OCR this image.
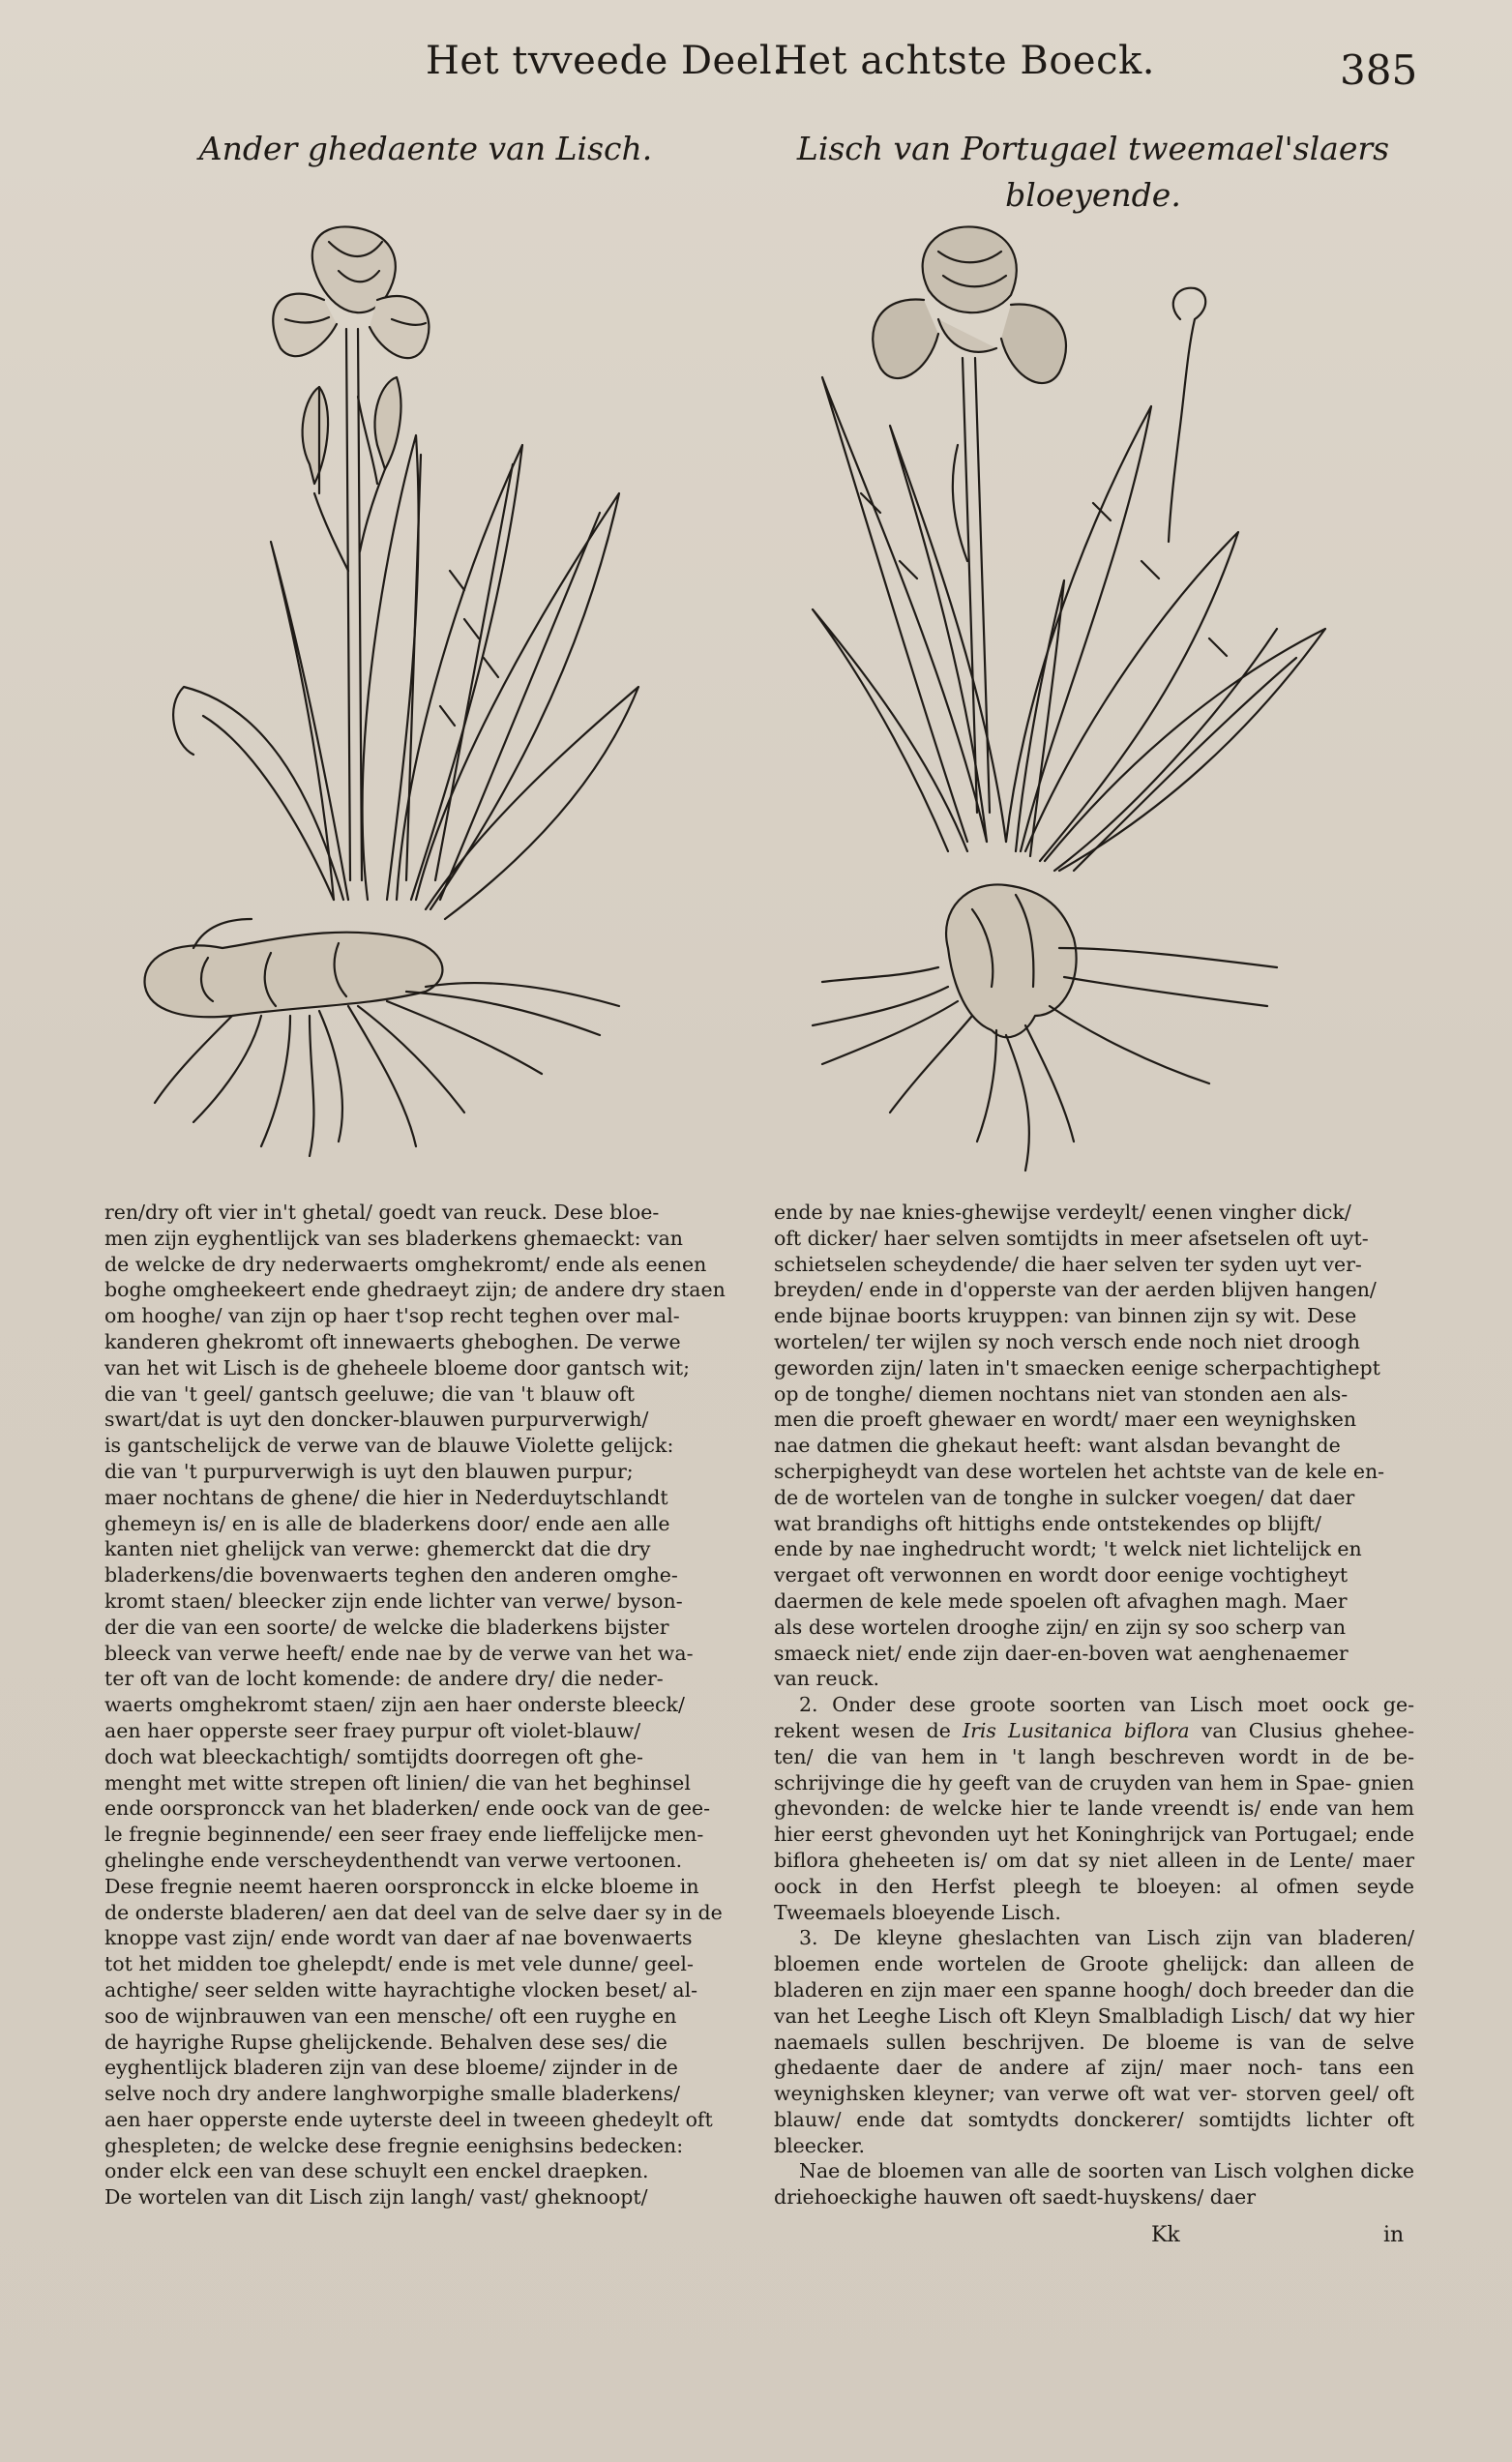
Het tvveede Deel.
Het achtste Boeck.	385
Ander ghedaente van Lisch.	Lisch van Portugael tweemael'slaers bloeyende.

ren/dry oft vier in't ghetal/ goedt van reuck. Dese bloe-

men zijn eyghentlijck van ses bladerkens ghemaeckt: van

de welcke de dry nederwaerts omghekromt/ ende als eenen

boghe omgheekeert ende ghedraeyt zijn; de andere dry staen

om hooghe/ van zijn op haer t'sop recht teghen over mal-

kanderen ghekromt oft innewaerts gheboghen. De verwe

van het wit Lisch is de gheheele bloeme door gantsch wit;

die van 't geel/ gantsch geeluwe; die van 't blauw oft

swart/dat is uyt den doncker-blauwen purpurverwigh/

is gantschelijck de verwe van de blauwe Violette gelijck:

die van 't purpurverwigh is uyt den blauwen purpur;

maer nochtans de ghene/ die hier in Nederduytschlandt

ghemeyn is/ en is alle de bladerkens door/ ende aen alle

kanten niet ghelijck van verwe: ghemerckt dat die dry

bladerkens/die bovenwaerts teghen den anderen omghe-

kromt staen/ bleecker zijn ende lichter van verwe/ byson-

der die van een soorte/ de welcke die bladerkens bijster

bleeck van verwe heeft/ ende nae by de verwe van het wa-

ter oft van de locht komende: de andere dry/ die neder-

waerts omghekromt staen/ zijn aen haer onderste bleeck/

aen haer opperste seer fraey purpur oft violet-blauw/

doch wat bleeckachtigh/ somtijdts doorregen oft ghe-

menght met witte strepen oft linien/ die van het beghinsel

ende oorsproncck van het bladerken/ ende oock van de gee-

le fregnie beginnende/ een seer fraey ende lieffelijcke men-

ghelinghe ende verscheydenthendt van verwe vertoonen.

Dese fregnie neemt haeren oorsproncck in elcke bloeme in

de onderste bladeren/ aen dat deel van de selve daer sy in de

knoppe vast zijn/ ende wordt van daer af nae bovenwaerts

tot het midden toe ghelepdt/ ende is met vele dunne/ geel-

achtighe/ seer selden witte hayrachtighe vlocken beset/ al-

soo de wijnbrauwen van een mensche/ oft een ruyghe en

de hayrighe Rupse ghelijckende. Behalven dese ses/ die

eyghentlijck bladeren zijn van dese bloeme/ zijnder in de

selve noch dry andere langhworpighe smalle bladerkens/

aen haer opperste ende uyterste deel in tweeen ghedeylt oft

ghespleten; de welcke dese fregnie eenighsins bedecken:

onder elck een van dese schuylt een enckel draepken.

De wortelen van dit Lisch zijn langh/ vast/ gheknoopt/

ende by nae knies-ghewijse verdeylt/ eenen vingher dick/

oft dicker/ haer selven somtijdts in meer afsetselen oft uyt-

schietselen scheydende/ die haer selven ter syden uyt ver-

breyden/ ende in d'opperste van der aerden blijven hangen/

ende bijnae boorts kruyppen: van binnen zijn sy wit. Dese

wortelen/ ter wijlen sy noch versch ende noch niet droogh

geworden zijn/ laten in't smaecken eenige scherpachtighept

op de tonghe/ diemen nochtans niet van stonden aen als-

men die proeft ghewaer en wordt/ maer een weynighsken

nae datmen die ghekaut heeft: want alsdan bevanght de

scherpigheydt van dese wortelen het achtste van de kele en-

de de wortelen van de tonghe in sulcker voegen/ dat daer

wat brandighs oft hittighs ende ontstekendes op blijft/

ende by nae inghedrucht wordt; 't welck niet lichtelijck en

vergaet oft verwonnen en wordt door eenige vochtigheyt

daermen de kele mede spoelen oft afvaghen magh. Maer

als dese wortelen drooghe zijn/ en zijn sy soo scherp van

smaeck niet/ ende zijn daer-en-boven wat aenghenaemer

van reuck.

2. Onder dese groote soorten van Lisch moet oock ge- rekent wesen de Iris Lusitanica biflora van Clusius ghehee- ten/ die van hem in 't langh beschreven wordt in de be- schrijvinge die hy geeft van de cruyden van hem in Spae- gnien ghevonden: de welcke hier te lande vreendt is/ ende van hem hier eerst ghevonden uyt het Koninghrijck van Portugael; ende biflora gheheeten is/ om dat sy niet alleen in de Lente/ maer oock in den Herfst pleegh te bloeyen: al ofmen seyde Tweemaels bloeyende Lisch.

3. De kleyne gheslachten van Lisch zijn van bladeren/ bloemen ende wortelen de Groote ghelijck: dan alleen de bladeren en zijn maer een spanne hoogh/ doch breeder dan die van het Leeghe Lisch oft Kleyn Smalbladigh Lisch/ dat wy hier naemaels sullen beschrijven. De bloeme is van de selve ghedaente daer de andere af zijn/ maer noch- tans een weynighsken kleyner; van verwe oft wat ver- storven geel/ oft blauw/ ende dat somtydts donckerer/ somtijdts lichter oft bleecker.

Nae de bloemen van alle de soorten van Lisch volghen dicke driehoeckighe hauwen oft saedt-huyskens/ daer

Kk	in
